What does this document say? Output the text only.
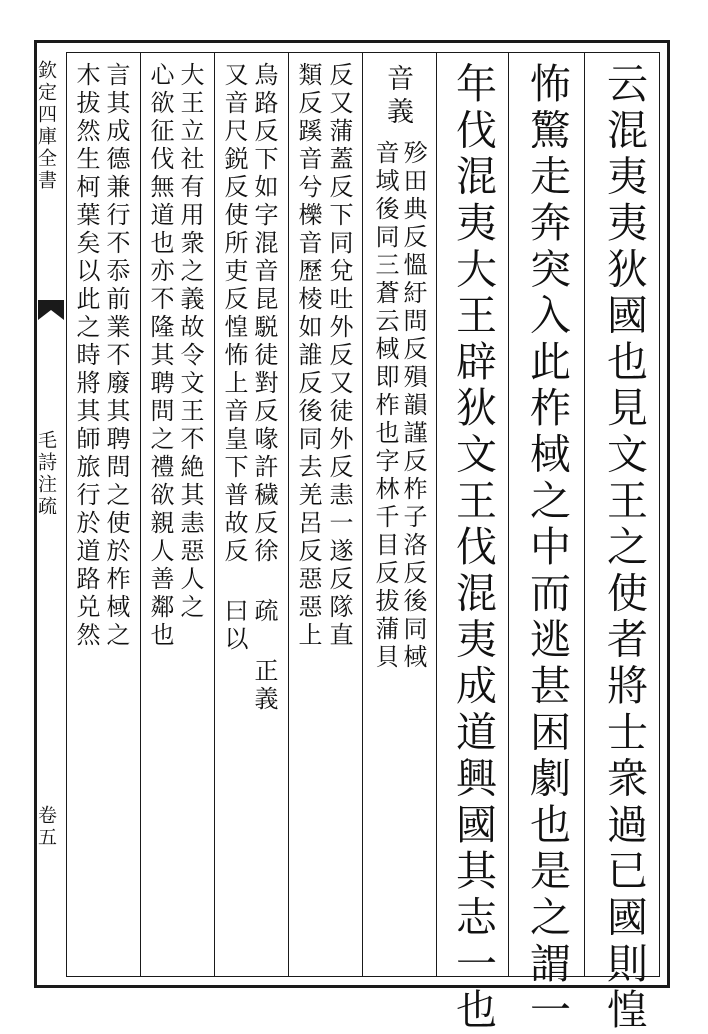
欽定四庫全書
毛詩注疏
卷五	云混夷夷狄國也見文王之使者將士衆過已國則惶
怖驚走奔突入此柞棫之中而逃甚困劇也是之謂一
年伐混夷大王辟狄文王伐混夷成道興國其志一也
音義
殄田典反慍紆問反殞韻謹反柞子洛反後同棫
音域後同三蒼云棫即柞也字林千目反拔蒲貝
反又蒲蓋反下同兌吐外反又徒外反恚一遂反隊直
類反蹊音兮櫟音歷棱如誰反後同去羌呂反惡惡上
烏路反下如字混音昆駾徒對反喙許穢反徐 疏 正義
又音尺鋭反使所吏反惶怖上音皇下普故反 曰以
大王立社有用衆之義故令文王不絶其恚惡人之
心欲征伐無道也亦不隆其聘問之禮欲親人善鄰也
言其成德兼行不忝前業不廢其聘問之使於柞棫之
木拔然生柯葉矣以此之時將其師旅行於道路兑然
